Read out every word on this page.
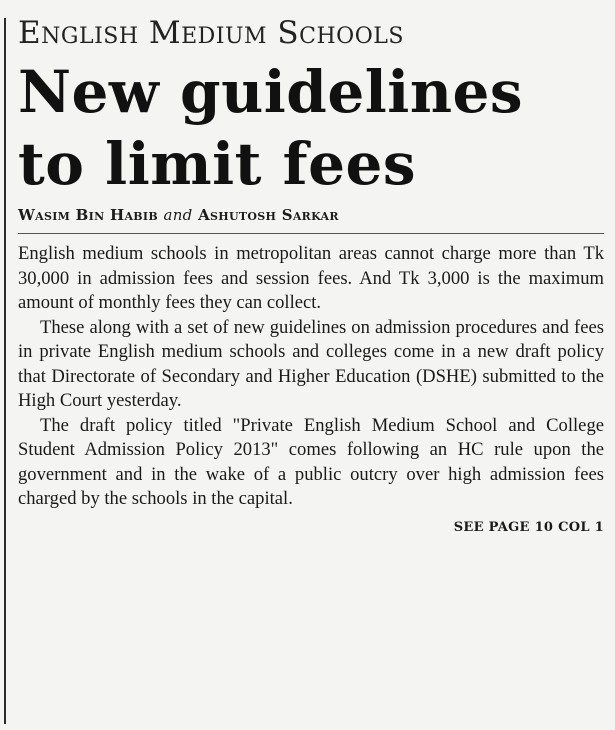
English Medium Schools
New guidelines
to limit fees
Wasim Bin Habib and Ashutosh Sarkar

English medium schools in metropolitan areas cannot charge more than Tk 30,000 in admission fees and session fees. And Tk 3,000 is the maximum amount of monthly fees they can collect.

These along with a set of new guidelines on admission procedures and fees in private English medium schools and colleges come in a new draft policy that Directorate of Secondary and Higher Education (DSHE) submitted to the High Court yesterday.

The draft policy titled "Private English Medium School and College Student Admission Policy 2013" comes following an HC rule upon the government and in the wake of a public outcry over high admission fees charged by the schools in the capital.

SEE PAGE 10 COL 1
